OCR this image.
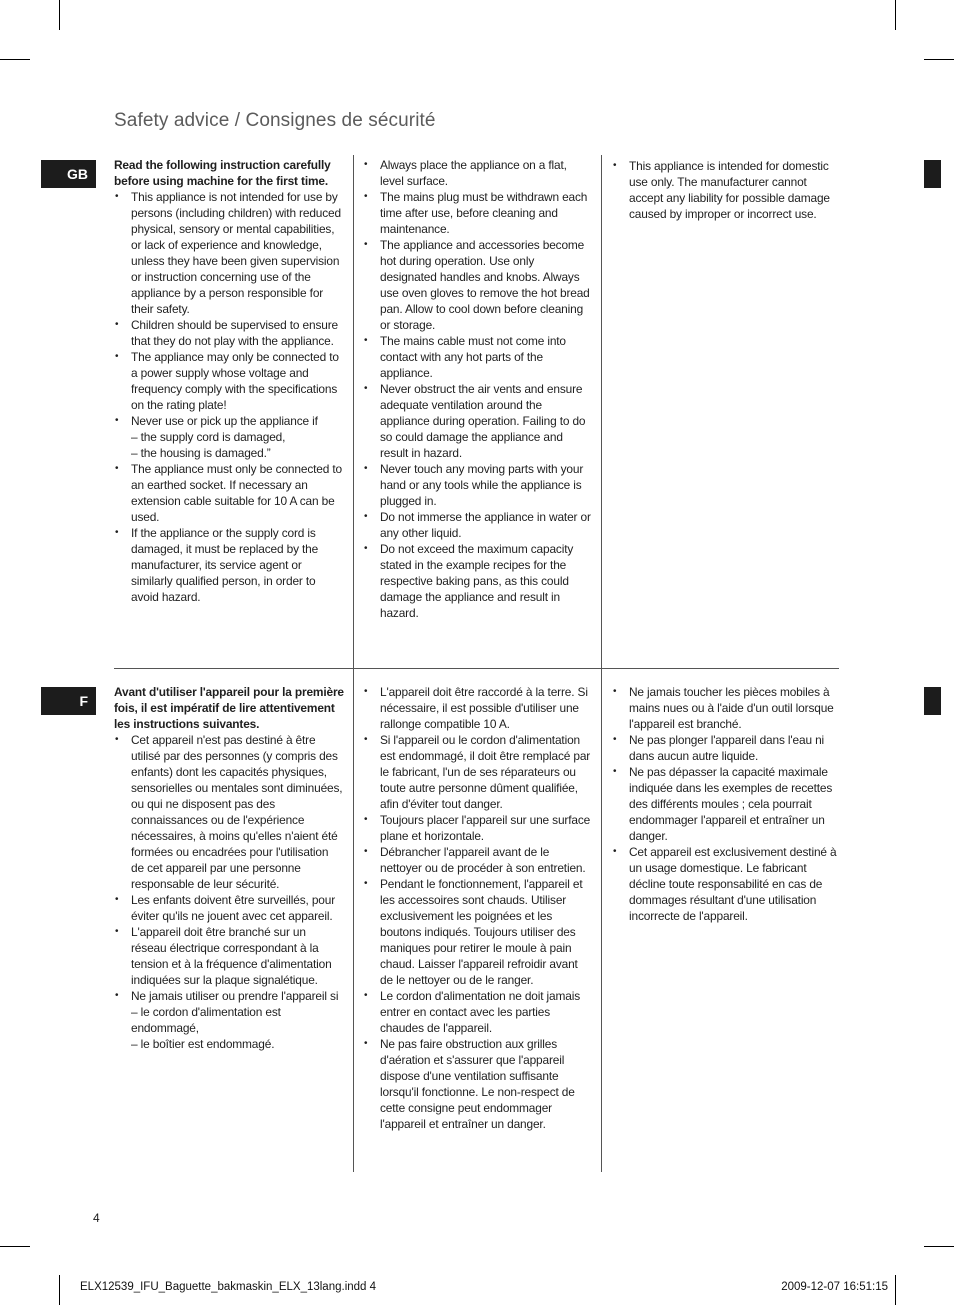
Safety advice / Consignes de sécurité
GB

Read the following instruction carefully before using machine for the first time.

• This appliance is not intended for use by persons (including children) with reduced physical, sensory or mental capabilities, or lack of experience and knowledge, unless they have been given supervision or instruction concerning use of the appliance by a person responsible for their safety.
• Children should be supervised to ensure that they do not play with the appliance.
• The appliance may only be connected to a power supply whose voltage and frequency comply with the specifications on the rating plate!
• Never use or pick up the appliance if
– the supply cord is damaged,
– the housing is damaged.”
• The appliance must only be connected to an earthed socket. If necessary an extension cable suitable for 10 A can be used.
• If the appliance or the supply cord is damaged, it must be replaced by the manufacturer, its service agent or similarly qualified person, in order to avoid hazard.
• Always place the appliance on a flat, level surface.
• The mains plug must be withdrawn each time after use, before cleaning and maintenance.
• The appliance and accessories become hot during operation. Use only designated handles and knobs. Always use oven gloves to remove the hot bread pan. Allow to cool down before cleaning or storage.
• The mains cable must not come into contact with any hot parts of the appliance.
• Never obstruct the air vents and ensure adequate ventilation around the appliance during operation. Failing to do so could damage the appliance and result in hazard.
• Never touch any moving parts with your hand or any tools while the appliance is plugged in.
• Do not immerse the appliance in water or any other liquid.
• Do not exceed the maximum capacity stated in the example recipes for the respective baking pans, as this could damage the appliance and result in hazard.
• This appliance is intended for domestic use only. The manufacturer cannot accept any liability for possible damage caused by improper or incorrect use.
F

Avant d'utiliser l'appareil pour la première fois, il est impératif de lire attentivement les instructions suivantes.

• Cet appareil n'est pas destiné à être utilisé par des personnes (y compris des enfants) dont les capacités physiques, sensorielles ou mentales sont diminuées, ou qui ne disposent pas des connaissances ou de l'expérience nécessaires, à moins qu'elles n'aient été formées ou encadrées pour l'utilisation de cet appareil par une personne responsable de leur sécurité.
• Les enfants doivent être surveillés, pour éviter qu'ils ne jouent avec cet appareil.
• L'appareil doit être branché sur un réseau électrique correspondant à la tension et à la fréquence d'alimentation indiquées sur la plaque signalétique.
• Ne jamais utiliser ou prendre l'appareil si
– le cordon d'alimentation est endommagé,
– le boîtier est endommagé.
• L'appareil doit être raccordé à la terre. Si nécessaire, il est possible d'utiliser une rallonge compatible 10 A.
• Si l'appareil ou le cordon d'alimentation est endommagé, il doit être remplacé par le fabricant, l'un de ses réparateurs ou toute autre personne dûment qualifiée, afin d'éviter tout danger.
• Toujours placer l'appareil sur une surface plane et horizontale.
• Débrancher l'appareil avant de le nettoyer ou de procéder à son entretien.
• Pendant le fonctionnement, l'appareil et les accessoires sont chauds. Utiliser exclusivement les poignées et les boutons indiqués. Toujours utiliser des maniques pour retirer le moule à pain chaud. Laisser l'appareil refroidir avant de le nettoyer ou de le ranger.
• Le cordon d'alimentation ne doit jamais entrer en contact avec les parties chaudes de l'appareil.
• Ne pas faire obstruction aux grilles d'aération et s'assurer que l'appareil dispose d'une ventilation suffisante lorsqu'il fonctionne. Le non-respect de cette consigne peut endommager l'appareil et entraîner un danger.
• Ne jamais toucher les pièces mobiles à mains nues ou à l'aide d'un outil lorsque l'appareil est branché.
• Ne pas plonger l'appareil dans l'eau ni dans aucun autre liquide.
• Ne pas dépasser la capacité maximale indiquée dans les exemples de recettes des différents moules ; cela pourrait endommager l'appareil et entraîner un danger.
• Cet appareil est exclusivement destiné à un usage domestique. Le fabricant décline toute responsabilité en cas de dommages résultant d'une utilisation incorrecte de l'appareil.
4
ELX12539_IFU_Baguette_bakmaskin_ELX_13lang.indd 4	2009-12-07 16:51:15
